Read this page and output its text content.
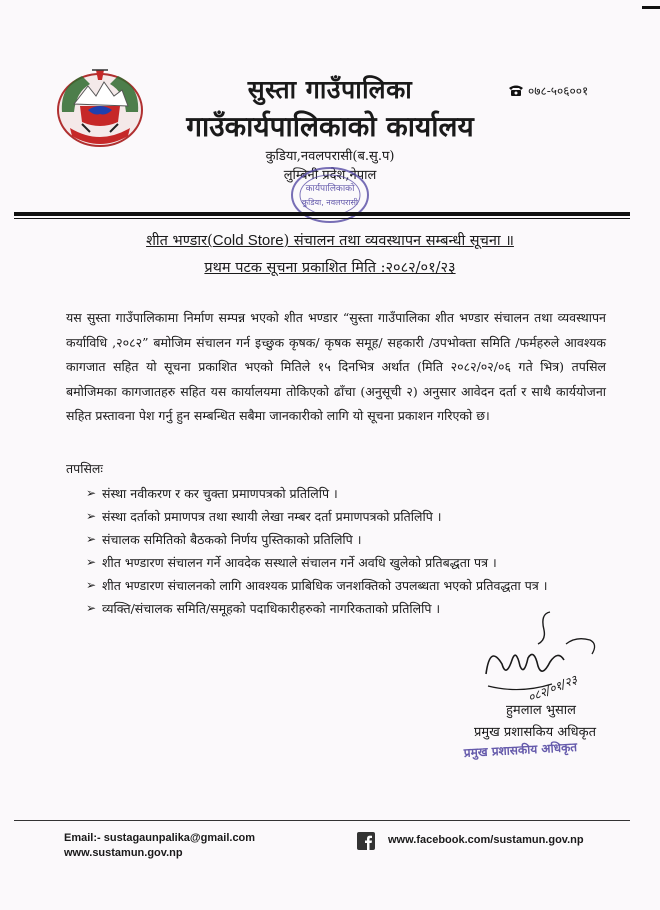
सुस्ता गाउँपालिका
गाउँकार्यपालिकाको कार्यालय
कुडिया,नवलपरासी(ब.सु.प)
लुम्बिनी प्रदेश,नेपाल
०७८-५०६००१
कार्यपालिकाको
कुडिया, नवलपरासी
शीत भण्डार(Cold Store) संचालन तथा व्यवस्थापन सम्बन्धी सूचना ॥
प्रथम पटक सूचना प्रकाशित मिति :२०८२/०१/२३
यस सुस्ता गाउँपालिकामा निर्माण सम्पन्न भएको शीत भण्डार “सुस्ता गाउँपालिका शीत भण्डार संचालन तथा व्यवस्थापन कर्याविधि ,२०८२” बमोजिम संचालन गर्न इच्छुक कृषक/ कृषक समूह/ सहकारी /उपभोक्ता समिति /फर्महरुले आवश्यक कागजात सहित यो सूचना प्रकाशित भएको मितिले १५ दिनभित्र अर्थात (मिति २०८२/०२/०६ गते भित्र) तपसिल बमोजिमका कागजातहरु सहित यस कार्यालयमा तोकिएको ढाँचा (अनुसूची २) अनुसार आवेदन दर्ता र साथै कार्ययोजना सहित प्रस्तावना पेश गर्नु हुन सम्बन्धित सबैमा जानकारीको लागि यो सूचना प्रकाशन गरिएको छ।
तपसिलः
➢ संस्था नवीकरण र कर चुक्ता प्रमाणपत्रको प्रतिलिपि ।
➢ संस्था दर्ताको प्रमाणपत्र तथा स्थायी लेखा नम्बर दर्ता प्रमाणपत्रको प्रतिलिपि ।
➢ संचालक समितिको बैठकको निर्णय पुस्तिकाको प्रतिलिपि ।
➢ शीत भण्डारण संचालन गर्ने आवदेक सस्थाले संचालन गर्ने अवधि खुलेको प्रतिबद्धता पत्र ।
➢ शीत भण्डारण संचालनको लागि आवश्यक प्राबिधिक जनशक्तिको उपलब्धता भएको प्रतिवद्धता पत्र ।
➢ व्यक्ति/संचालक समिति/समूहको पदाधिकारीहरुको नागरिकताको प्रतिलिपि ।
०८२/०१/२३
हुमलाल भुसाल
प्रमुख प्रशासकिय अधिकृत
प्रमुख प्रशासकीय अधिकृत
Email:- sustagaunpalika@gmail.com
www.sustamun.gov.np
www.facebook.com/sustamun.gov.np
